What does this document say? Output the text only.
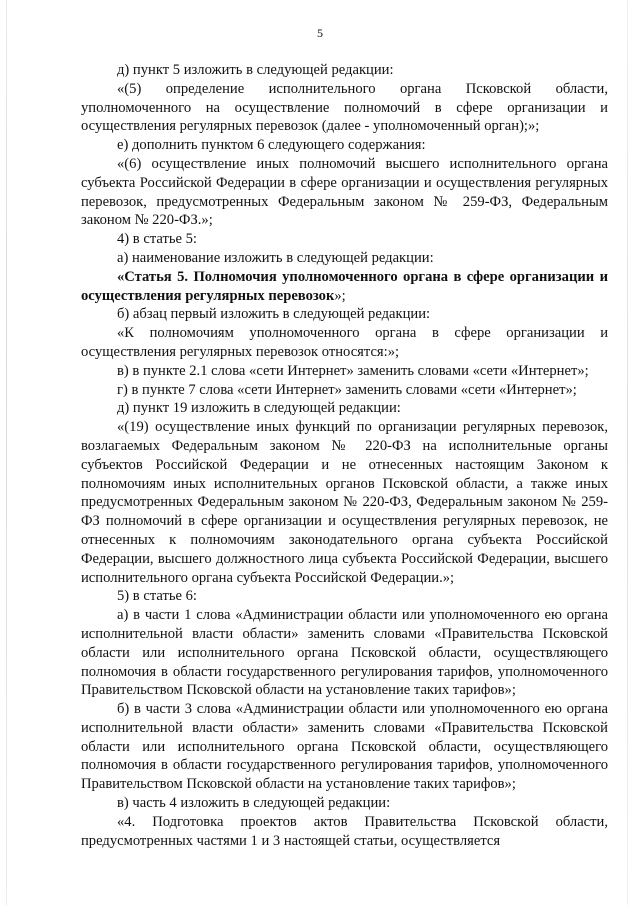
5

д) пункт 5 изложить в следующей редакции:

«(5) определение исполнительного органа Псковской области, уполномоченного на осуществление полномочий в сфере организации и осуществления регулярных перевозок (далее - уполномоченный орган);»;

е) дополнить пунктом 6 следующего содержания:

«(6) осуществление иных полномочий высшего исполнительного органа субъекта Российской Федерации в сфере организации и осуществления регулярных перевозок, предусмотренных Федеральным законом № 259-ФЗ, Федеральным законом № 220-ФЗ.»;

4) в статье 5:

а) наименование изложить в следующей редакции:

«Статья 5. Полномочия уполномоченного органа в сфере организации и осуществления регулярных перевозок»;

б) абзац первый изложить в следующей редакции:

«К полномочиям уполномоченного органа в сфере организации и осуществления регулярных перевозок относятся:»;

в) в пункте 2.1 слова «сети Интернет» заменить словами «сети «Интернет»;

г) в пункте 7 слова «сети Интернет» заменить словами «сети «Интернет»;

д) пункт 19 изложить в следующей редакции:

«(19) осуществление иных функций по организации регулярных перевозок, возлагаемых Федеральным законом № 220-ФЗ на исполнительные органы субъектов Российской Федерации и не отнесенных настоящим Законом к полномочиям иных исполнительных органов Псковской области, а также иных предусмотренных Федеральным законом № 220-ФЗ, Федеральным законом № 259-ФЗ полномочий в сфере организации и осуществления регулярных перевозок, не отнесенных к полномочиям законодательного органа субъекта Российской Федерации, высшего должностного лица субъекта Российской Федерации, высшего исполнительного органа субъекта Российской Федерации.»;

5) в статье 6:

а) в части 1 слова «Администрации области или уполномоченного ею органа исполнительной власти области» заменить словами «Правительства Псковской области или исполнительного органа Псковской области, осуществляющего полномочия в области государственного регулирования тарифов, уполномоченного Правительством Псковской области на установление таких тарифов»;

б) в части 3 слова «Администрации области или уполномоченного ею органа исполнительной власти области» заменить словами «Правительства Псковской области или исполнительного органа Псковской области, осуществляющего полномочия в области государственного регулирования тарифов, уполномоченного Правительством Псковской области на установление таких тарифов»;

в) часть 4 изложить в следующей редакции:

«4. Подготовка проектов актов Правительства Псковской области, предусмотренных частями 1 и 3 настоящей статьи, осуществляется
